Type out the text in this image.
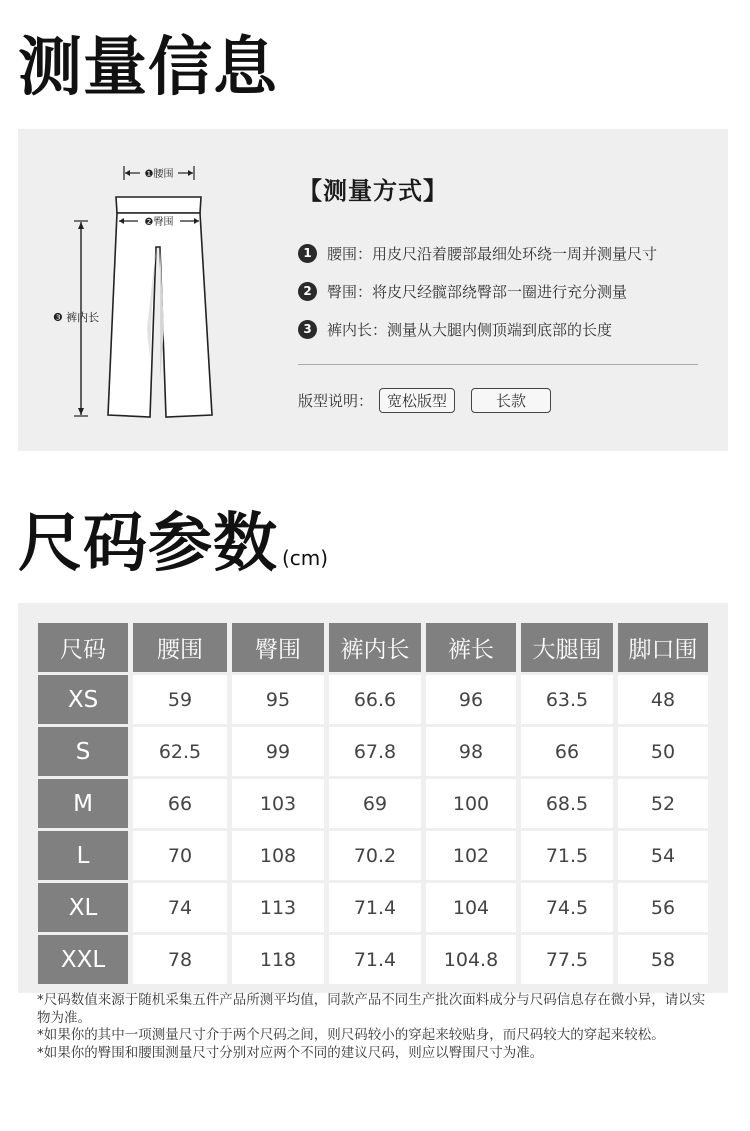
测量信息
❶腰围
❷臀围
❸ 裤内长
【测量方式】
1	腰围：用皮尺沿着腰部最细处环绕一周并测量尺寸
2	臀围：将皮尺经髋部绕臀部一圈进行充分测量
3	裤内长：测量从大腿内侧顶端到底部的长度
版型说明： 宽松版型	长款
尺码参数 (cm)
尺码	腰围	臀围	裤内长	裤长	大腿围	脚口围
XS	59	95	66.6	96	63.5	48
S	62.5	99	67.8	98	66	50
M	66	103	69	100	68.5	52
L	70	108	70.2	102	71.5	54
XL	74	113	71.4	104	74.5	56
XXL	78	118	71.4	104.8	77.5	58

*尺码数值来源于随机采集五件产品所测平均值，同款产品不同生产批次面料成分与尺码信息存在微小异，请以实物为准。

*如果你的其中一项测量尺寸介于两个尺码之间，则尺码较小的穿起来较贴身，而尺码较大的穿起来较松。

*如果你的臀围和腰围测量尺寸分别对应两个不同的建议尺码，则应以臀围尺寸为准。
